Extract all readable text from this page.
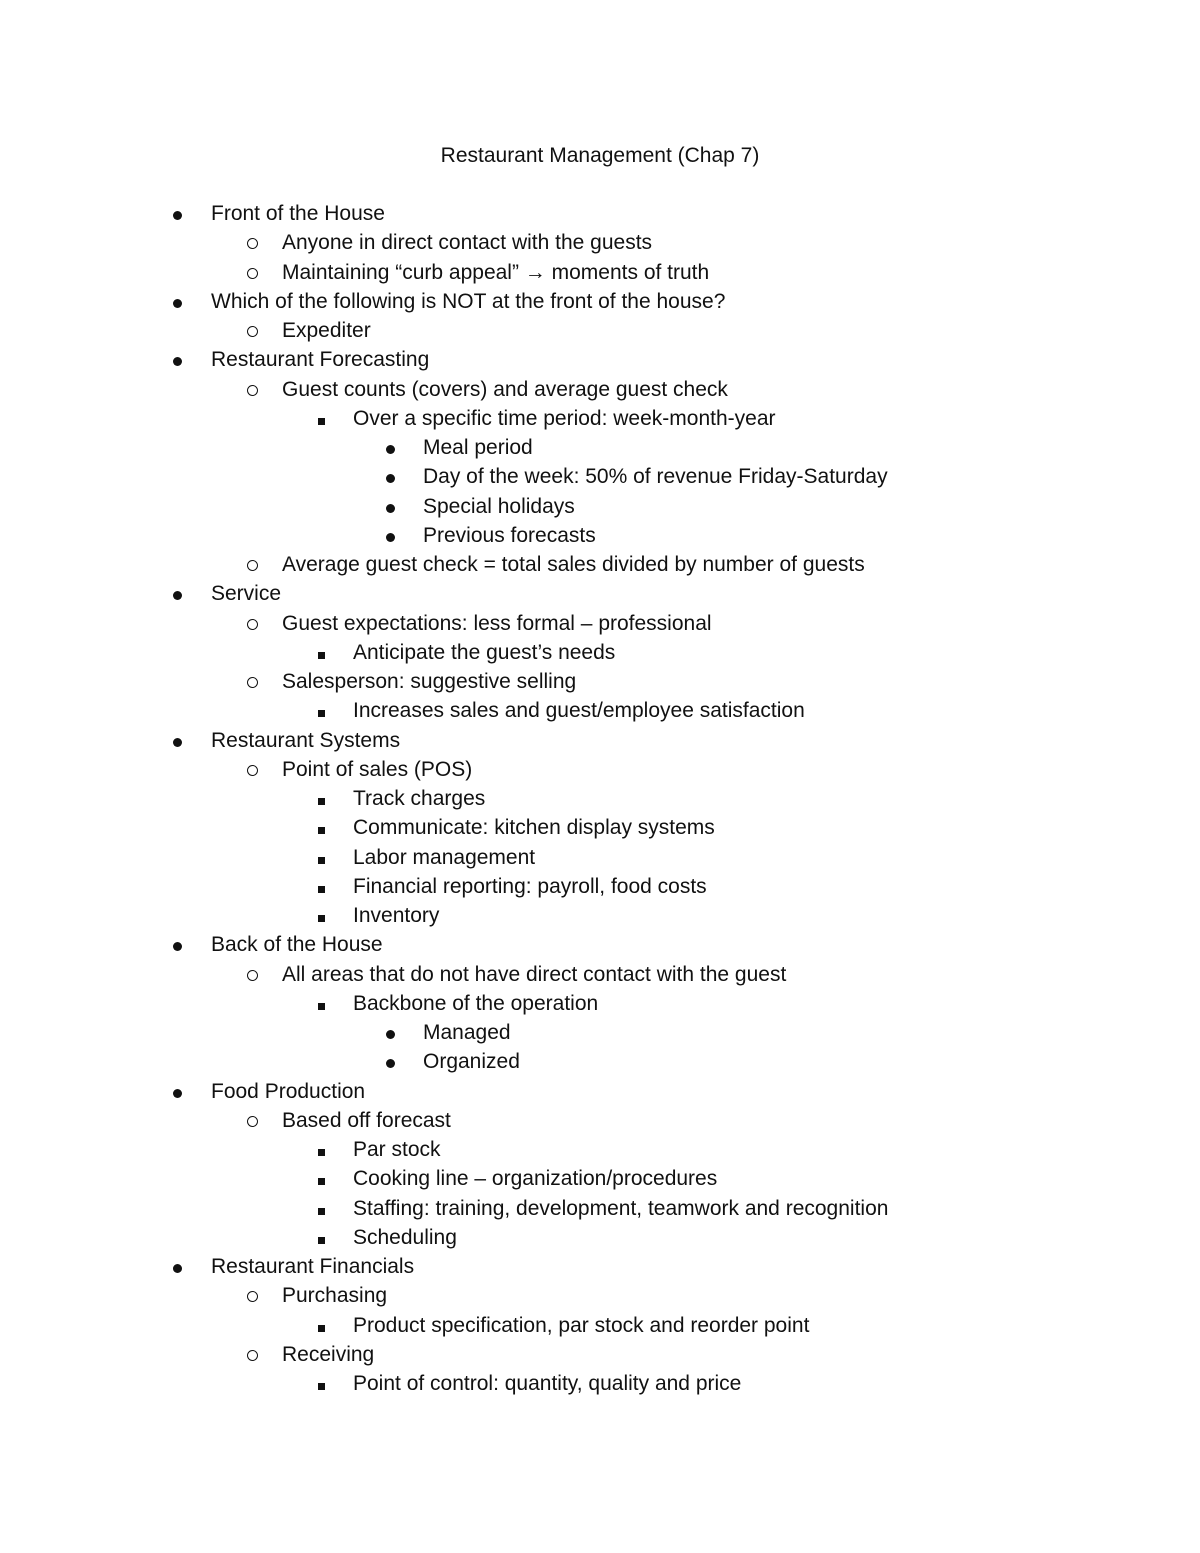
Restaurant Management (Chap 7)
Front of the House
Anyone in direct contact with the guests
Maintaining “curb appeal” → moments of truth
Which of the following is NOT at the front of the house?
Expediter
Restaurant Forecasting
Guest counts (covers) and average guest check
Over a specific time period: week-month-year
Meal period
Day of the week: 50% of revenue Friday-Saturday
Special holidays
Previous forecasts
Average guest check = total sales divided by number of guests
Service
Guest expectations: less formal – professional
Anticipate the guest’s needs
Salesperson: suggestive selling
Increases sales and guest/employee satisfaction
Restaurant Systems
Point of sales (POS)
Track charges
Communicate: kitchen display systems
Labor management
Financial reporting: payroll, food costs
Inventory
Back of the House
All areas that do not have direct contact with the guest
Backbone of the operation
Managed
Organized
Food Production
Based off forecast
Par stock
Cooking line – organization/procedures
Staffing: training, development, teamwork and recognition
Scheduling
Restaurant Financials
Purchasing
Product specification, par stock and reorder point
Receiving
Point of control: quantity, quality and price
